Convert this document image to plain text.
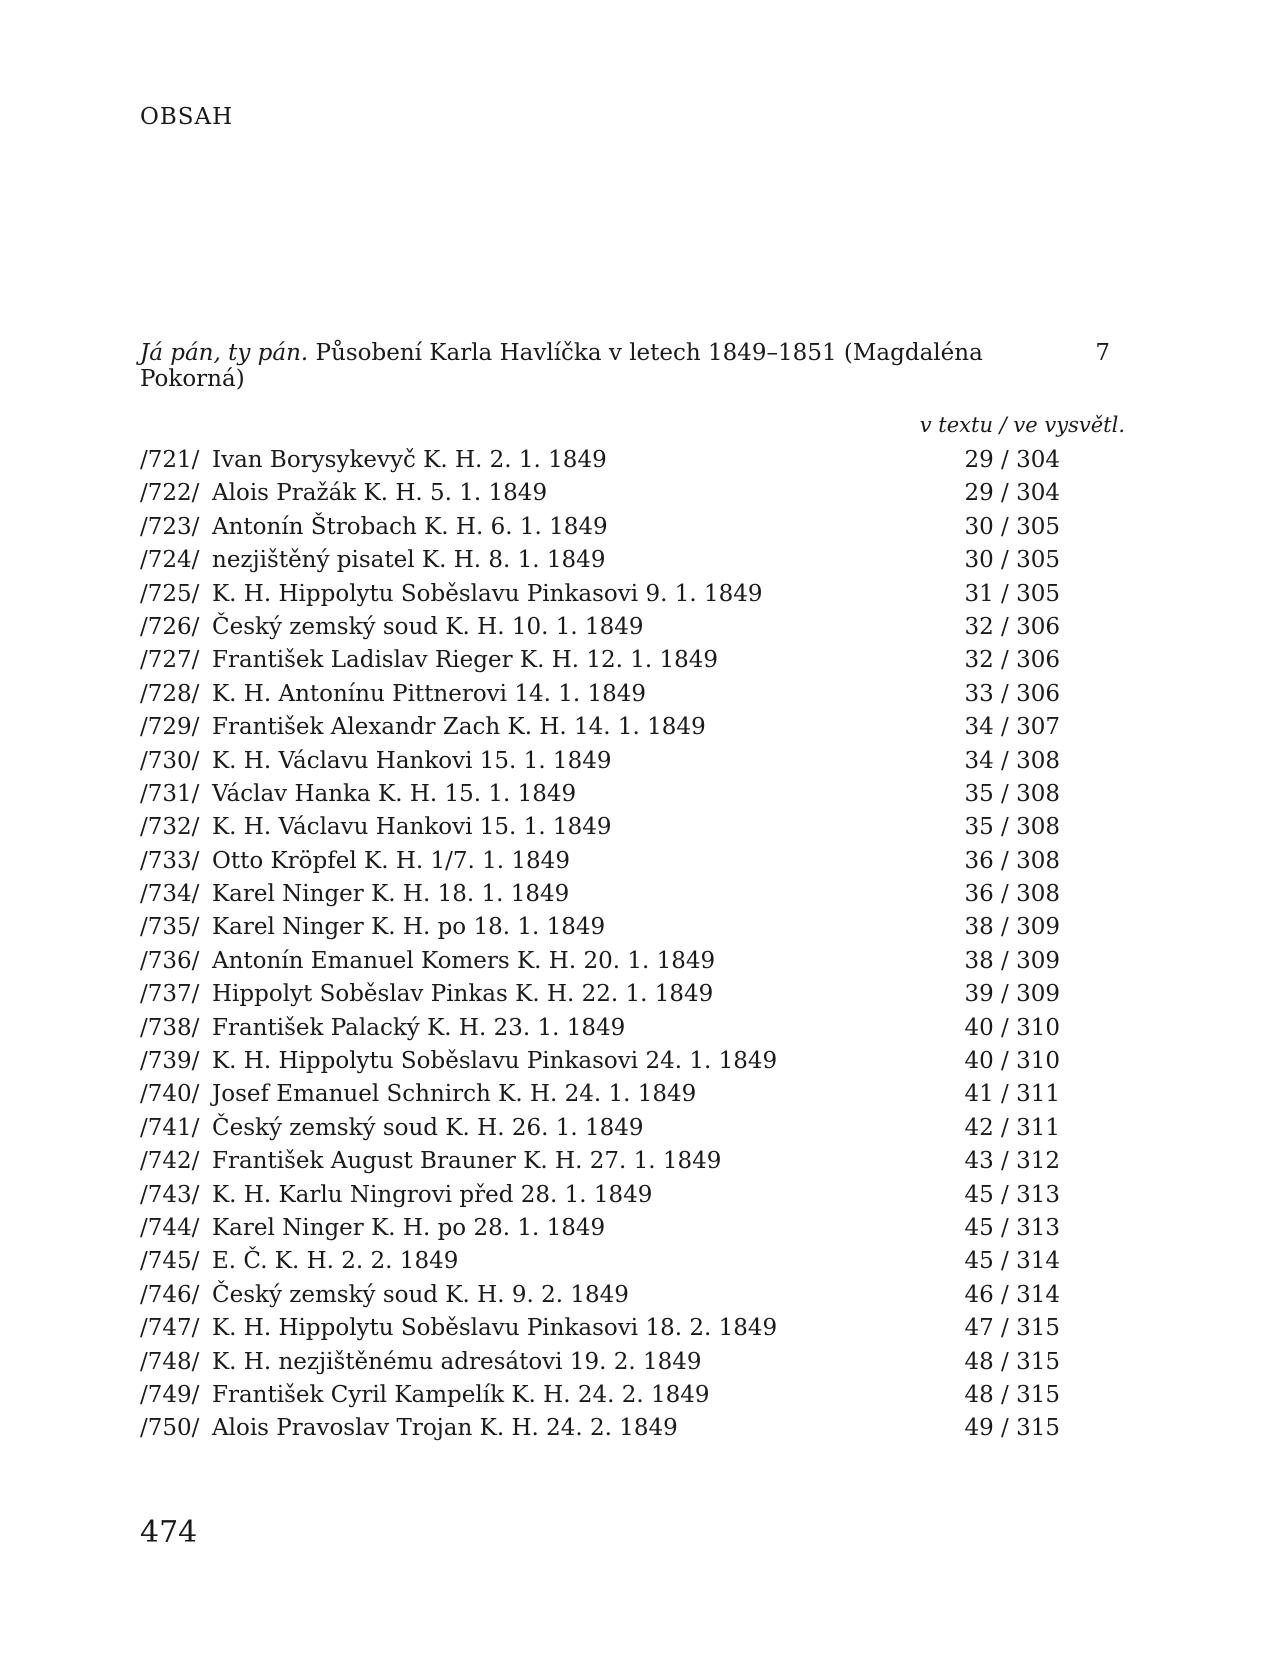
OBSAH
Já pán, ty pán. Působení Karla Havlíčka v letech 1849–1851 (Magdaléna Pokorná)
7
v textu / ve vysvětl.
/721/ Ivan Borysykevyč K. H. 2. 1. 1849	29 / 304
/722/ Alois Pražák K. H. 5. 1. 1849	29 / 304
/723/ Antonín Štrobach K. H. 6. 1. 1849	30 / 305
/724/ nezjištěný pisatel K. H. 8. 1. 1849	30 / 305
/725/ K. H. Hippolytu Soběslavu Pinkasovi 9. 1. 1849	31 / 305
/726/ Český zemský soud K. H. 10. 1. 1849	32 / 306
/727/ František Ladislav Rieger K. H. 12. 1. 1849	32 / 306
/728/ K. H. Antonínu Pittnerovi 14. 1. 1849	33 / 306
/729/ František Alexandr Zach K. H. 14. 1. 1849	34 / 307
/730/ K. H. Václavu Hankovi 15. 1. 1849	34 / 308
/731/ Václav Hanka K. H. 15. 1. 1849	35 / 308
/732/ K. H. Václavu Hankovi 15. 1. 1849	35 / 308
/733/ Otto Kröpfel K. H. 1/7. 1. 1849	36 / 308
/734/ Karel Ninger K. H. 18. 1. 1849	36 / 308
/735/ Karel Ninger K. H. po 18. 1. 1849	38 / 309
/736/ Antonín Emanuel Komers K. H. 20. 1. 1849	38 / 309
/737/ Hippolyt Soběslav Pinkas K. H. 22. 1. 1849	39 / 309
/738/ František Palacký K. H. 23. 1. 1849	40 / 310
/739/ K. H. Hippolytu Soběslavu Pinkasovi 24. 1. 1849	40 / 310
/740/ Josef Emanuel Schnirch K. H. 24. 1. 1849	41 / 311
/741/ Český zemský soud K. H. 26. 1. 1849	42 / 311
/742/ František August Brauner K. H. 27. 1. 1849	43 / 312
/743/ K. H. Karlu Ningrovi před 28. 1. 1849	45 / 313
/744/ Karel Ninger K. H. po 28. 1. 1849	45 / 313
/745/ E. Č. K. H. 2. 2. 1849	45 / 314
/746/ Český zemský soud K. H. 9. 2. 1849	46 / 314
/747/ K. H. Hippolytu Soběslavu Pinkasovi 18. 2. 1849	47 / 315
/748/ K. H. nezjištěnému adresátovi 19. 2. 1849	48 / 315
/749/ František Cyril Kampelík K. H. 24. 2. 1849	48 / 315
/750/ Alois Pravoslav Trojan K. H. 24. 2. 1849	49 / 315
474
